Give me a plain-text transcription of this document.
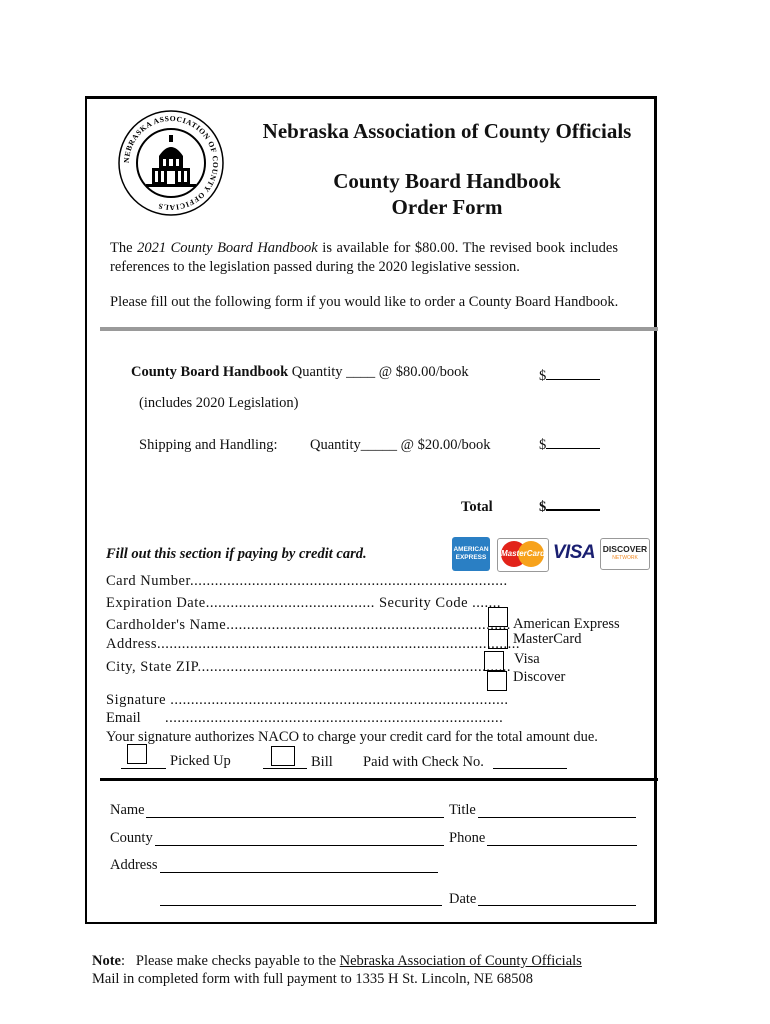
NEBRASKA ASSOCIATION OF COUNTY OFFICIALS
Nebraska Association of County Officials
County Board Handbook
Order Form
The 2021 County Board Handbook is available for $80.00. The revised book includes references to the legislation passed during the 2020 legislative session.
Please fill out the following form if you would like to order a County Board Handbook.
County Board Handbook Quantity ____ @ $80.00/book	$
(includes 2020 Legislation)
Shipping and Handling: Quantity_____ @ $20.00/book	$
Total	$
Fill out this section if paying by credit card.	AMERICAN
EXPRESS	MasterCard VISA DISCOVER
NETWORK
Card Number.............................................................................
Expiration Date......................................... Security Code .......
Cardholder's Name.....................................................................
Address........................................................................................
City, State ZIP............................................................................
American Express
MasterCard
Visa
Discover
Signature ..................................................................................
Email ..................................................................................
Your signature authorizes NACO to charge your credit card for the total amount due.
Picked Up	Bill Paid with Check No.
Name	Title
County	Phone
Address
Date
Note:   Please make checks payable to the Nebraska Association of County Officials
Mail in completed form with full payment to 1335 H St. Lincoln, NE 68508
